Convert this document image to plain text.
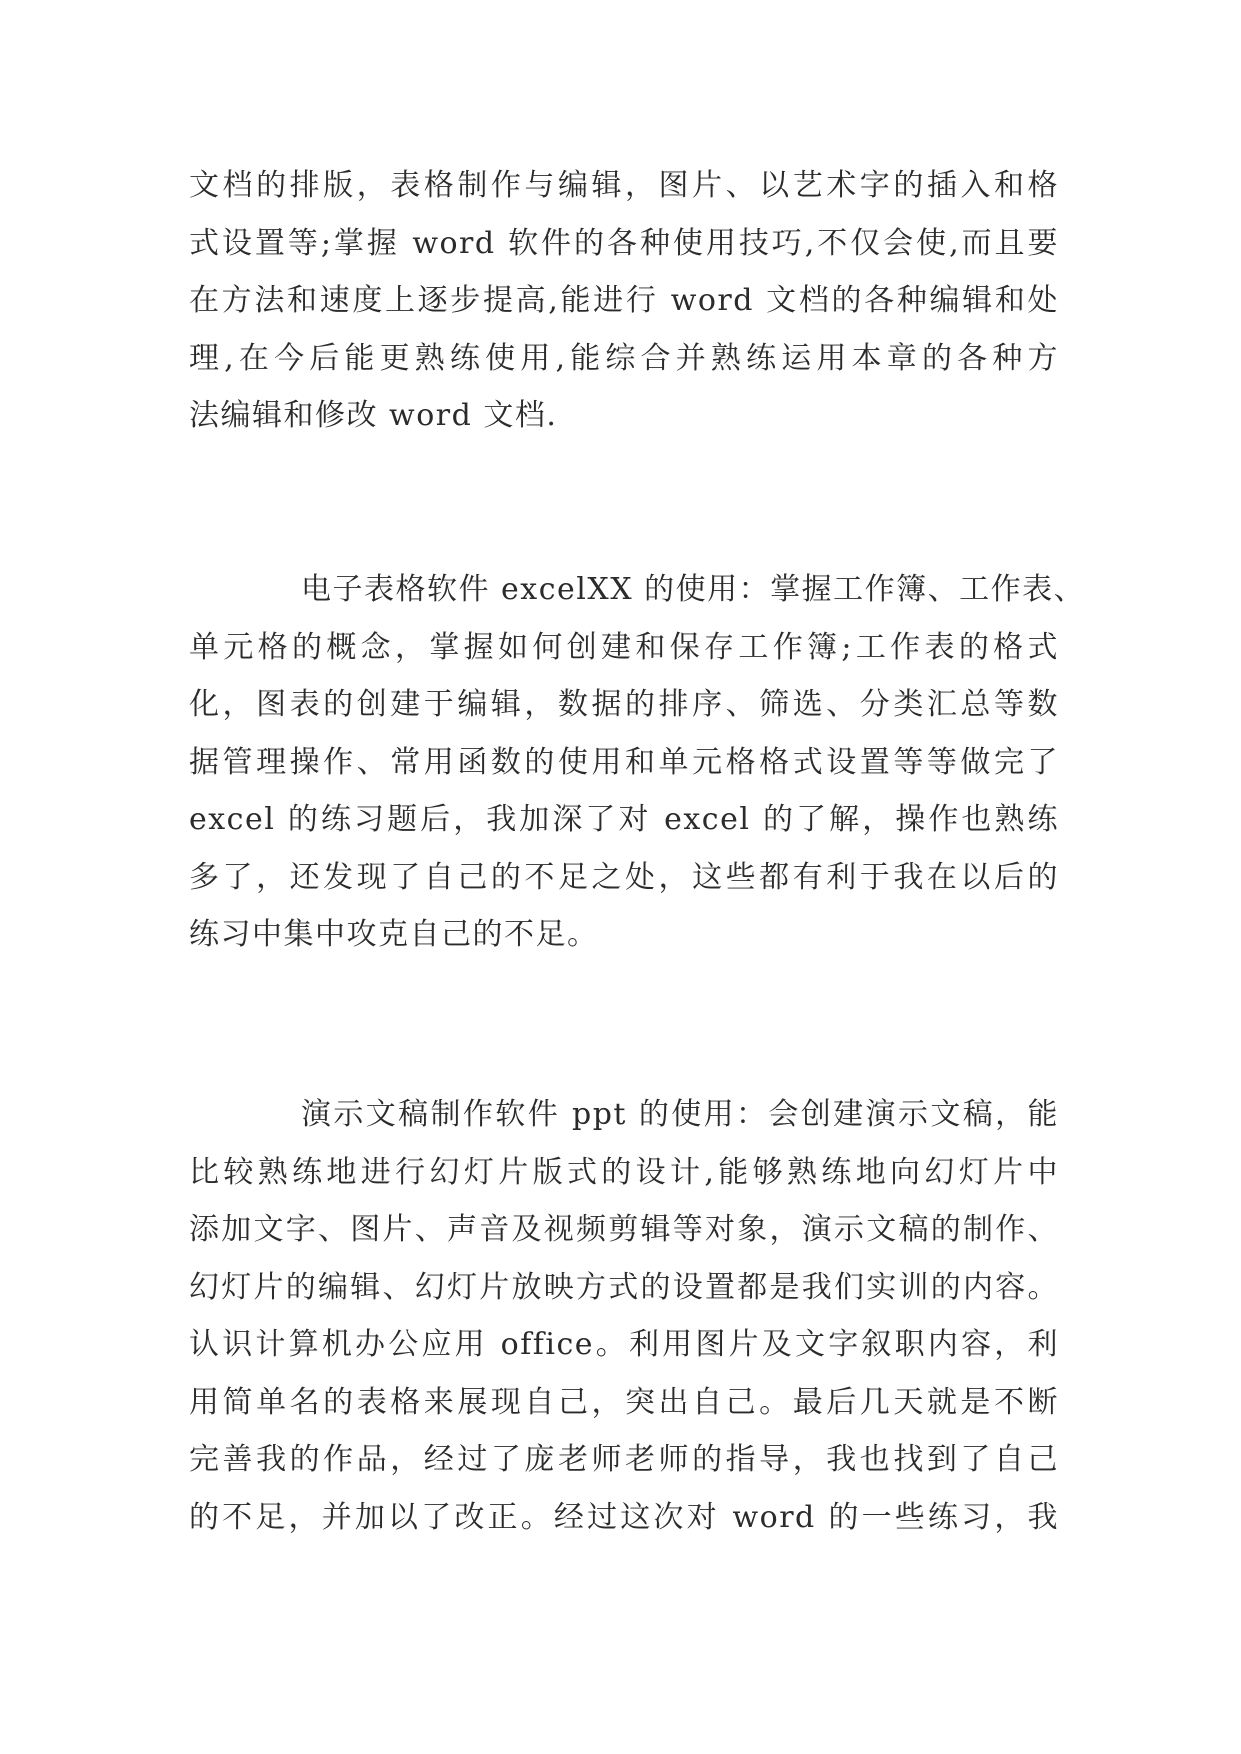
文档的排版，表格制作与编辑，图片、以艺术字的插入和格
式设置等;掌握 word 软件的各种使用技巧,不仅会使,而且要
在方法和速度上逐步提高,能进行 word 文档的各种编辑和处
理,在今后能更熟练使用,能综合并熟练运用本章的各种方
法编辑和修改 word 文档.
电子表格软件 excelXX 的使用：掌握工作簿、工作表、
单元格的概念，掌握如何创建和保存工作簿;工作表的格式
化，图表的创建于编辑，数据的排序、筛选、分类汇总等数
据管理操作、常用函数的使用和单元格格式设置等等做完了
excel 的练习题后，我加深了对 excel 的了解，操作也熟练
多了，还发现了自己的不足之处，这些都有利于我在以后的
练习中集中攻克自己的不足。
演示文稿制作软件 ppt 的使用：会创建演示文稿，能
比较熟练地进行幻灯片版式的设计,能够熟练地向幻灯片中
添加文字、图片、声音及视频剪辑等对象，演示文稿的制作、
幻灯片的编辑、幻灯片放映方式的设置都是我们实训的内容。
认识计算机办公应用 office。利用图片及文字叙职内容，利
用简单名的表格来展现自己，突出自己。最后几天就是不断
完善我的作品，经过了庞老师老师的指导，我也找到了自己
的不足，并加以了改正。经过这次对 word 的一些练习，我
